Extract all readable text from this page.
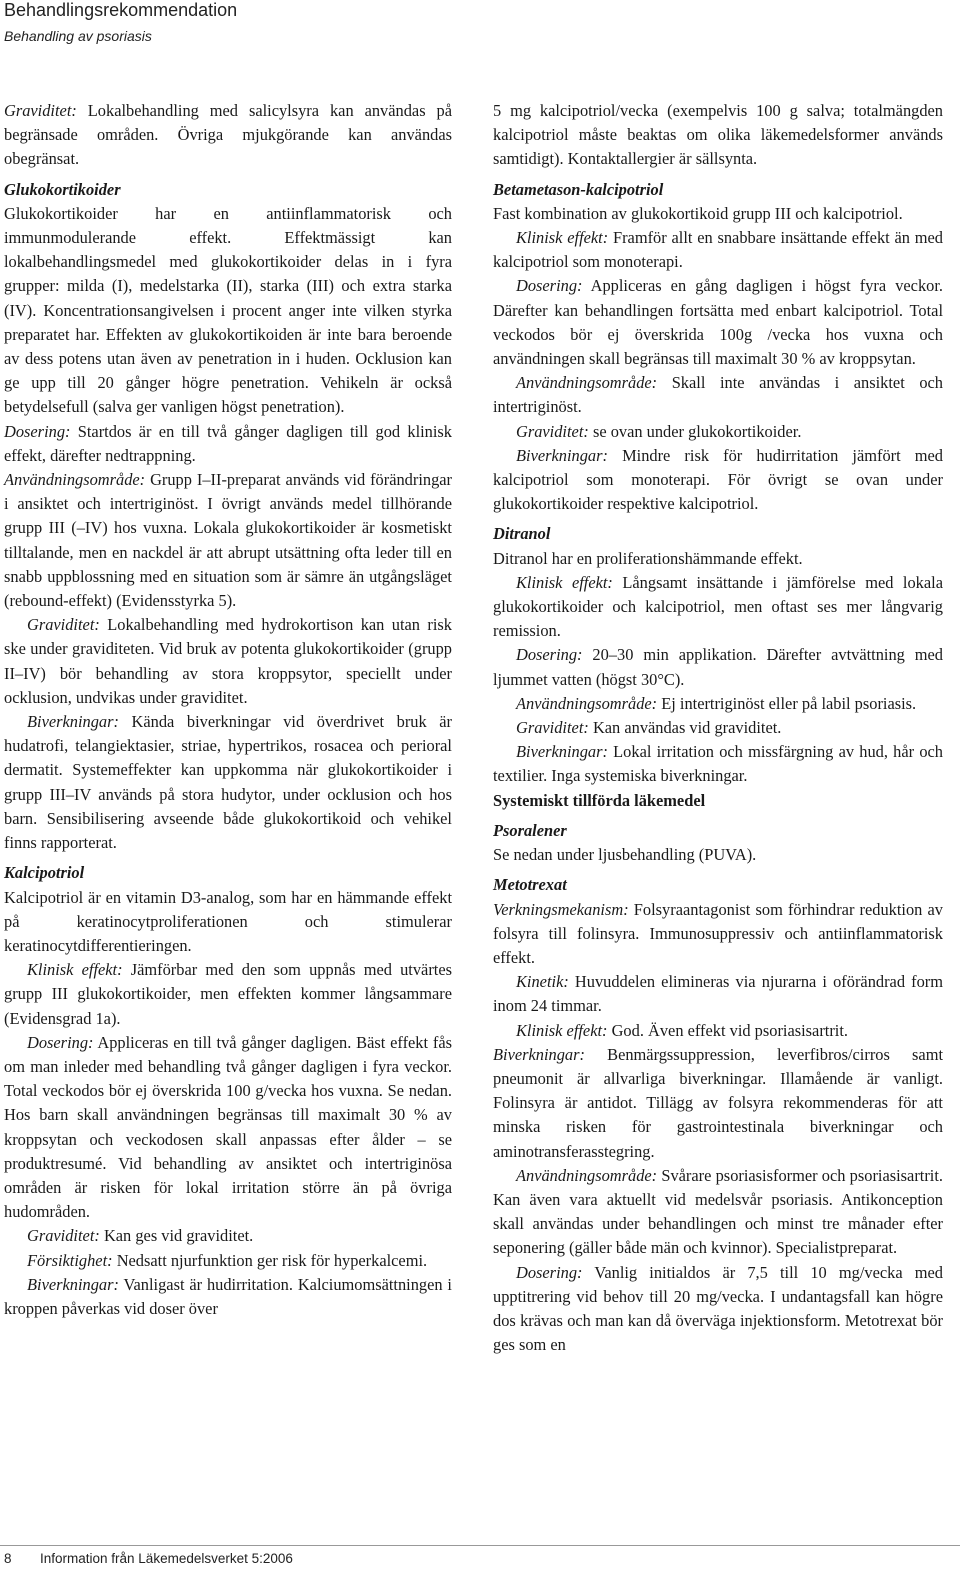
Behandlingsrekommendation
Behandling av psoriasis

Graviditet: Lokalbehandling med salicylsyra kan användas på begränsade områden. Övriga mjukgörande kan användas obegränsat.

Glukokortikoider

Glukokortikoider har en antiinflammatorisk och immunmodulerande effekt. Effektmässigt kan lokalbehandlingsmedel med glukokortikoider delas in i fyra grupper: milda (I), medelstarka (II), starka (III) och extra starka (IV). Koncentrationsangivelsen i procent anger inte vilken styrka preparatet har. Effekten av glukokortikoiden är inte bara beroende av dess potens utan även av penetration in i huden. Ocklusion kan ge upp till 20 gånger högre penetration. Vehikeln är också betydelsefull (salva ger vanligen högst penetration).

Dosering: Startdos är en till två gånger dagligen till god klinisk effekt, därefter nedtrappning.

Användningsområde: Grupp I–II-preparat används vid förändringar i ansiktet och intertriginöst. I övrigt används medel tillhörande grupp III (–IV) hos vuxna. Lokala glukokortikoider är kosmetiskt tilltalande, men en nackdel är att abrupt utsättning ofta leder till en snabb uppblossning med en situation som är sämre än utgångsläget (rebound-effekt) (Evidensstyrka 5).

Graviditet: Lokalbehandling med hydrokortison kan utan risk ske under graviditeten. Vid bruk av potenta glukokortikoider (grupp II–IV) bör behandling av stora kroppsytor, speciellt under ocklusion, undvikas under graviditet.

Biverkningar: Kända biverkningar vid överdrivet bruk är hudatrofi, telangiektasier, striae, hypertrikos, rosacea och perioral dermatit. Systemeffekter kan uppkomma när glukokortikoider i grupp III–IV används på stora hudytor, under ocklusion och hos barn. Sensibilisering avseende både glukokortikoid och vehikel finns rapporterat.

Kalcipotriol

Kalcipotriol är en vitamin D3-analog, som har en hämmande effekt på keratinocytproliferationen och stimulerar keratinocytdifferentieringen.

Klinisk effekt: Jämförbar med den som uppnås med utvärtes grupp III glukokortikoider, men effekten kommer långsammare (Evidensgrad 1a).

Dosering: Appliceras en till två gånger dagligen. Bäst effekt fås om man inleder med behandling två gånger dagligen i fyra veckor. Total veckodos bör ej överskrida 100 g/vecka hos vuxna. Se nedan. Hos barn skall användningen begränsas till maximalt 30 % av kroppsytan och veckodosen skall anpassas efter ålder – se produktresumé. Vid behandling av ansiktet och intertriginösa områden är risken för lokal irritation större än på övriga hudområden.

Graviditet: Kan ges vid graviditet.

Försiktighet: Nedsatt njurfunktion ger risk för hyperkalcemi.

Biverkningar: Vanligast är hudirritation. Kalciumomsättningen i kroppen påverkas vid doser över

5 mg kalcipotriol/vecka (exempelvis 100 g salva; totalmängden kalcipotriol måste beaktas om olika läkemedelsformer används samtidigt). Kontaktallergier är sällsynta.

Betametason-kalcipotriol

Fast kombination av glukokortikoid grupp III och kalcipotriol.

Klinisk effekt: Framför allt en snabbare insättande effekt än med kalcipotriol som monoterapi.

Dosering: Appliceras en gång dagligen i högst fyra veckor. Därefter kan behandlingen fortsätta med enbart kalcipotriol. Total veckodos bör ej överskrida 100g /vecka hos vuxna och användningen skall begränsas till maximalt 30 % av kroppsytan.

Användningsområde: Skall inte användas i ansiktet och intertriginöst.

Graviditet: se ovan under glukokortikoider.

Biverkningar: Mindre risk för hudirritation jämfört med kalcipotriol som monoterapi. För övrigt se ovan under glukokortikoider respektive kalcipotriol.

Ditranol

Ditranol har en proliferationshämmande effekt.

Klinisk effekt: Långsamt insättande i jämförelse med lokala glukokortikoider och kalcipotriol, men oftast ses mer långvarig remission.

Dosering: 20–30 min applikation. Därefter avtvättning med ljummet vatten (högst 30°C).

Användningsområde: Ej intertriginöst eller på labil psoriasis.

Graviditet: Kan användas vid graviditet.

Biverkningar: Lokal irritation och missfärgning av hud, hår och textilier. Inga systemiska biverkningar.

Systemiskt tillförda läkemedel

Psoralener

Se nedan under ljusbehandling (PUVA).

Metotrexat

Verkningsmekanism: Folsyraantagonist som förhindrar reduktion av folsyra till folinsyra. Immunosuppressiv och antiinflammatorisk effekt.

Kinetik: Huvuddelen elimineras via njurarna i oförändrad form inom 24 timmar.

Klinisk effekt: God. Även effekt vid psoriasisartrit.

Biverkningar: Benmärgssuppression, leverfibros/cirros samt pneumonit är allvarliga biverkningar. Illamående är vanligt. Folinsyra är antidot. Tillägg av folsyra rekommenderas för att minska risken för gastrointestinala biverkningar och aminotransferasstegring.

Användningsområde: Svårare psoriasisformer och psoriasisartrit. Kan även vara aktuellt vid medelsvår psoriasis. Antikonception skall användas under behandlingen och minst tre månader efter seponering (gäller både män och kvinnor). Specialistpreparat.

Dosering: Vanlig initialdos är 7,5 till 10 mg/vecka med upptitrering vid behov till 20 mg/vecka. I undantagsfall kan högre dos krävas och man kan då överväga injektionsform. Metotrexat bör ges som en

8 Information från Läkemedelsverket 5:2006
